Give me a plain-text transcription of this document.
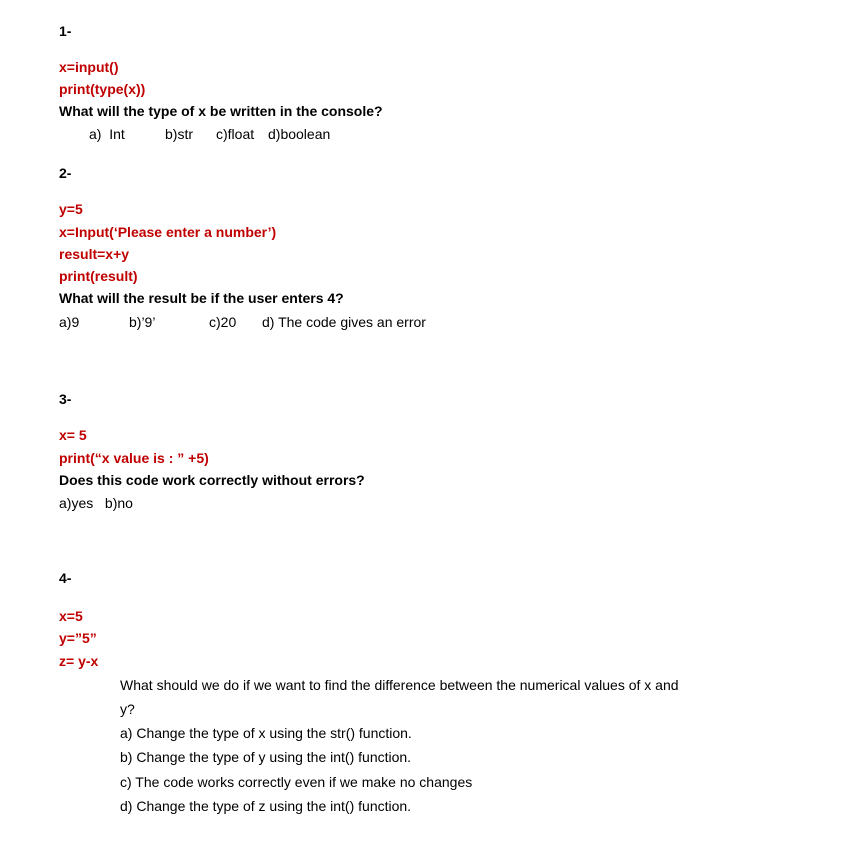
1-
x=input()
print(type(x))
What will the type of x be written in the console?
a)  Int	b)str c)float d)boolean
2-
y=5
x=Input(‘Please enter a number’)
result=x+y
print(result)
What will the result be if the user enters 4?
a)9	b)’9’	c)20 d) The code gives an error
3-
x= 5
print(“x value is : ” +5)
Does this code work correctly without errors?
a)yes   b)no
4-
x=5
y=”5”
z= y-x
What should we do if we want to find the difference between the numerical values of x and
y?
a) Change the type of x using the str() function.
b) Change the type of y using the int() function.
c) The code works correctly even if we make no changes
d) Change the type of z using the int() function.
